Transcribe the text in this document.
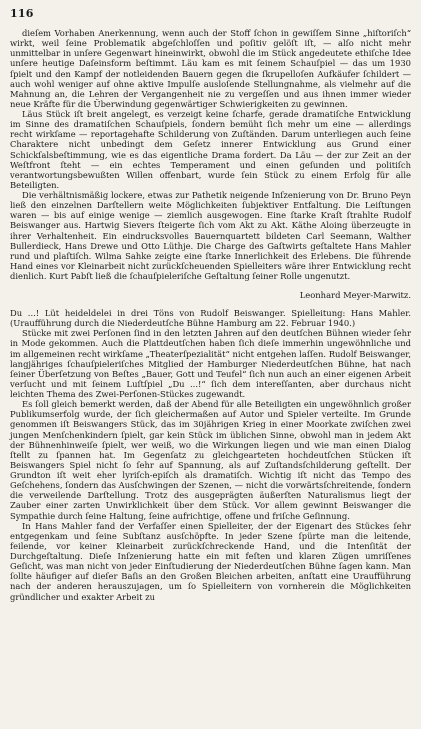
116

dieſem Vorhaben Anerkennung, wenn auch der Stoff ſchon in gewiſſem Sinne „hiſtoriſch“ wirkt, weil ſeine Problematik abgeſchloſſen und poſitiv gelöſt iſt, — alſo nicht mehr unmittelbar in unſere Gegenwart hineinwirkt, obwohl die im Stück angedeutete ethiſche Idee unſere heutige Daſeinsform beſtimmt. Läu kam es mit ſeinem Schauſpiel — das um 1930 ſpielt und den Kampf der notleidenden Bauern gegen die ſkrupelloſen Aufkäufer ſchildert — auch wohl weniger auf ohne aktive Impulſe ausloſende Stellungnahme, als vielmehr auf die Mahnung an, die Lehren der Vergangenheit nie zu vergeſſen und aus ihnen immer wieder neue Kräfte für die Überwindung gegenwärtiger Schwierigkeiten zu gewinnen.

Läus Stück iſt breit angelegt, es verzeigt keine ſcharfe, gerade dramatiſche Entwicklung im Sinne des dramatiſchen Schauſpiels, ſondern bemüht ſich mehr um eine — allerdings recht wirkſame — reportagehafte Schilderung von Zuſtänden. Darum unterliegen auch ſeine Charaktere nicht unbedingt dem Geſetz innerer Entwicklung aus Grund einer Schickſalsbeſtimmung, wie es das eigentliche Drama fordert. Da Läu — der zur Zeit an der Weſtfront ſteht — ein echtes Temperament und einen geſunden und politiſch verantwortungsbewußten Willen offenbart, wurde ſein Stück zu einem Erfolg für alle Beteiligten.

Die verhältnismäßig lockere, etwas zur Pathetik neigende Inſzenierung von Dr. Bruno Peyn ließ den einzelnen Darſtellern weite Möglichkeiten ſubjektiver Entfaltung. Die Leiſtungen waren — bis auf einige wenige — ziemlich ausgewogen. Eine ſtarke Kraſt ſtrahlte Rudolf Beiswanger aus. Hartwig Sievers ſteigerte ſich vom Akt zu Akt. Käthe Aloing überzeugte in ihrer Verhaltenheit. Ein eindrucksvolles Bauernquartett bildeten Carl Seemann, Walther Bullerdieck, Hans Drewe und Otto Lüthje. Die Charge des Gaſtwirts geſtaltete Hans Mahler rund und plaſtiſch. Wilma Sahke zeigte eine ſtarke Innerlichkeit des Erlebens. Die führende Hand eines vor Kleinarbeit nicht zurückſcheuenden Spielleiters wäre ihrer Entwicklung recht dienlich. Kurt Pabſt ließ die ſchauſpieleriſche Geſtaltung ſeiner Rolle ungenutzt.

Leonhard Meyer-Marwitz.

Du ...! Lüt heideldelei in drei Töns von Rudolf Beiswanger. Spielleitung: Hans Mahler. (Uraufführung durch die Niederdeutſche Bühne Hamburg am 22. Februar 1940.)

Stücke mit zwei Perſonen ſind in den letzten Jahren auf den deutſchen Bühnen wieder ſehr in Mode gekommen. Auch die Plattdeutſchen haben ſich dieſe immerhin ungewöhnliche und im allgemeinen recht wirkſame „Theaterſpezialität“ nicht entgehen laſſen. Rudolf Beiswanger, langjähriges ſchauſpieleriſches Mitglied der Hamburger Niederdeutſchen Bühne, hat nach ſeiner Überſetzung von Beſtes „Bauer, Gott und Teufel“ ſich nun auch an einer eigenen Arbeit verſucht und mit ſeinem Luſtſpiel „Du ...!“ ſich dem intereſſanten, aber durchaus nicht leichten Thema des Zwei-Perſonen-Stückes zugewandt.

Es ſoll gleich bemerkt werden, daß der Abend für alle Beteiligten ein ungewöhnlich großer Publikumserfolg wurde, der ſich gleichermaßen auf Autor und Spieler verteilte. Im Grunde genommen iſt Beiswangers Stück, das im 30jährigen Krieg in einer Moorkate zwiſchen zwei jungen Menſchenkindern ſpielt, gar kein Stück im üblichen Sinne, obwohl man in jedem Akt der Bühnenhinweiſe ſpielt, wer weiß, wo die Wirkungen liegen und wie man einen Dialog ſtellt zu ſpannen hat. Im Gegenſatz zu gleichgearteten hochdeutſchen Stücken iſt Beiswangers Spiel nicht ſo ſehr auf Spannung, als auf Zuſtandsſchilderung geſtellt. Der Grundton iſt weit eher lyriſch-epiſch als dramatiſch. Wichtig iſt nicht das Tempo des Geſchehens, ſondern das Ausſchwingen der Szenen, — nicht die vorwärtsſchreitende, ſondern die verweilende Darſtellung. Trotz des ausgeprägten äußerſten Naturalismus liegt der Zauber einer zarten Unwirklichkeit über dem Stück. Vor allem gewinnt Beiswanger die Sympathie durch ſeine Haltung, ſeine aufrichtige, offene und friſche Geſinnung.

In Hans Mahler fand der Verfaſſer einen Spielleiter, der der Eigenart des Stückes ſehr entgegenkam und ſeine Subſtanz ausſchöpfte. In jeder Szene ſpürte man die leitende, feilende, vor keiner Kleinarbeit zurückſchreckende Hand, und die Intenſität der Durchgeſtaltung. Dieſe Inſzenierung hatte ein mit feſten und klaren Zügen umriſſenes Geſicht, was man nicht von jeder Einſtudierung der Niederdeutſchen Bühne ſagen kann. Man ſollte häufiger auf dieſer Baſis an den Großen Bleichen arbeiten, anſtatt eine Uraufführung nach der anderen herauszujagen, um ſo Spielleitern von vornherein die Möglichkeiten gründlicher und exakter Arbeit zu
